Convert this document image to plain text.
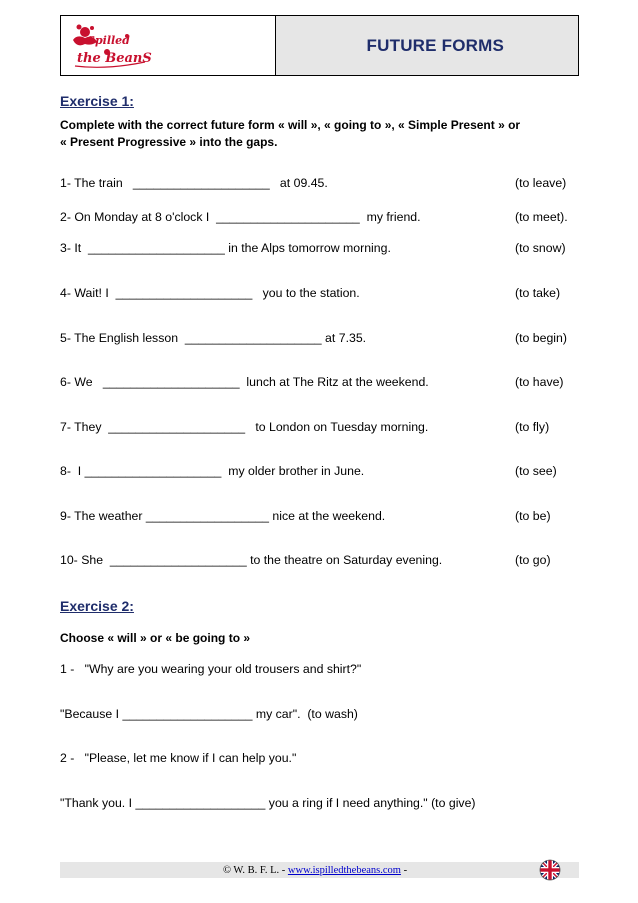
Spilled
the BeanS
FUTURE FORMS
Exercise 1:
Complete with the correct future form « will », « going to », « Simple Present » or
« Present Progressive » into the gaps.
1- The train   ____________________   at 09.45.	(to leave)
2- On Monday at 8 o'clock I  _____________________  my friend.	(to meet).
3- It  ____________________ in the Alps tomorrow morning.	(to snow)
4- Wait! I  ____________________   you to the station.	(to take)
5- The English lesson  ____________________ at 7.35.	(to begin)
6- We   ____________________  lunch at The Ritz at the weekend.	(to have)
7- They  ____________________   to London on Tuesday morning.	(to fly)
8-  I ____________________  my older brother in June.	(to see)
9- The weather __________________ nice at the weekend.	(to be)
10- She  ____________________ to the theatre on Saturday evening.	(to go)
Exercise 2:
Choose « will » or « be going to »
1 -   "Why are you wearing your old trousers and shirt?"
"Because I ___________________ my car".  (to wash)
2 -   "Please, let me know if I can help you."
"Thank you. I ___________________ you a ring if I need anything." (to give)
© W. B. F. L. - www.ispilledthebeans.com -
